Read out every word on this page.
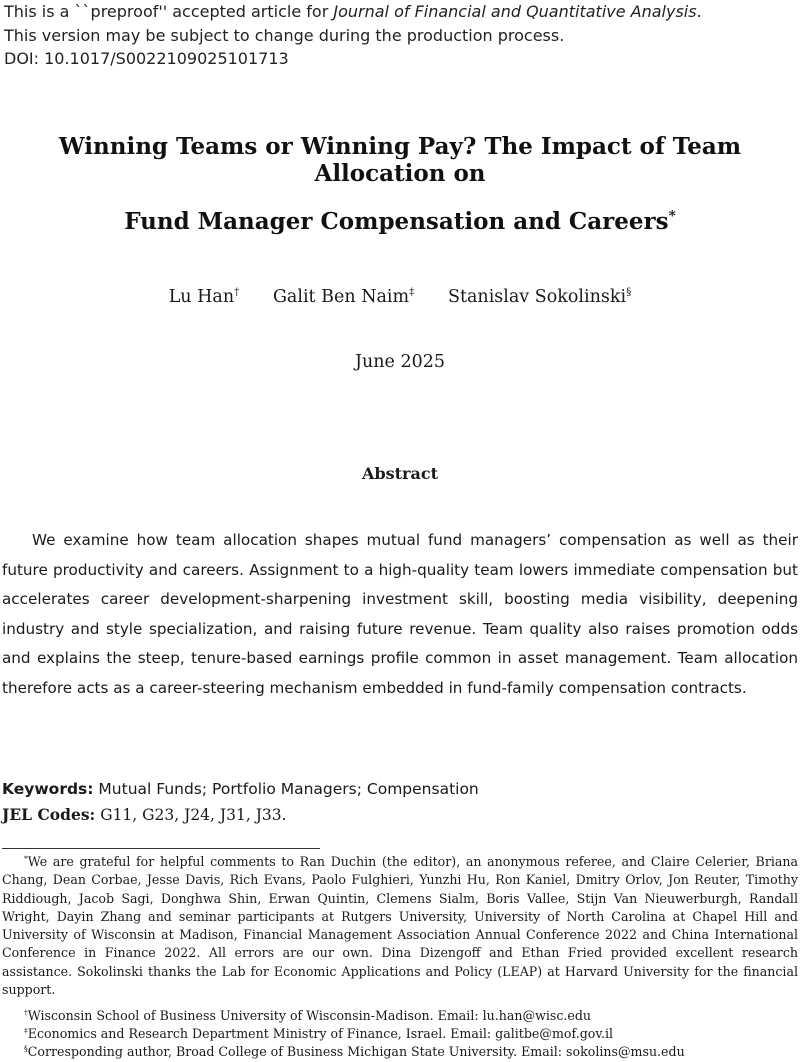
This is a ``preproof'' accepted article for Journal of Financial and Quantitative Analysis.
This version may be subject to change during the production process.
DOI: 10.1017/S0022109025101713
Winning Teams or Winning Pay? The Impact of Team Allocation on
Fund Manager Compensation and Careers*
Lu Han† Galit Ben Naim‡ Stanislav Sokolinski§
June 2025
Abstract

We examine how team allocation shapes mutual fund managers’ compensation as well as their future productivity and careers. Assignment to a high-quality team lowers immediate compensation but accelerates career development-sharpening investment skill, boosting media visibility, deepening industry and style specialization, and raising future revenue. Team quality also raises promotion odds and explains the steep, tenure-based earnings profile common in asset management. Team allocation therefore acts as a career-steering mechanism embedded in fund-family compensation contracts.

Keywords: Mutual Funds; Portfolio Managers; Compensation
JEL Codes: G11, G23, J24, J31, J33.

*We are grateful for helpful comments to Ran Duchin (the editor), an anonymous referee, and Claire Celerier, Briana Chang, Dean Corbae, Jesse Davis, Rich Evans, Paolo Fulghieri, Yunzhi Hu, Ron Kaniel, Dmitry Orlov, Jon Reuter, Timothy Riddiough, Jacob Sagi, Donghwa Shin, Erwan Quintin, Clemens Sialm, Boris Vallee, Stijn Van Nieuwerburgh, Randall Wright, Dayin Zhang and seminar participants at Rutgers University, University of North Carolina at Chapel Hill and University of Wisconsin at Madison, Financial Management Association Annual Conference 2022 and China International Conference in Finance 2022. All errors are our own. Dina Dizengoff and Ethan Fried provided excellent research assistance. Sokolinski thanks the Lab for Economic Applications and Policy (LEAP) at Harvard University for the financial support.

†Wisconsin School of Business University of Wisconsin-Madison. Email: lu.han@wisc.edu
‡Economics and Research Department Ministry of Finance, Israel. Email: galitbe@mof.gov.il
§Corresponding author, Broad College of Business Michigan State University. Email: sokolins@msu.edu
